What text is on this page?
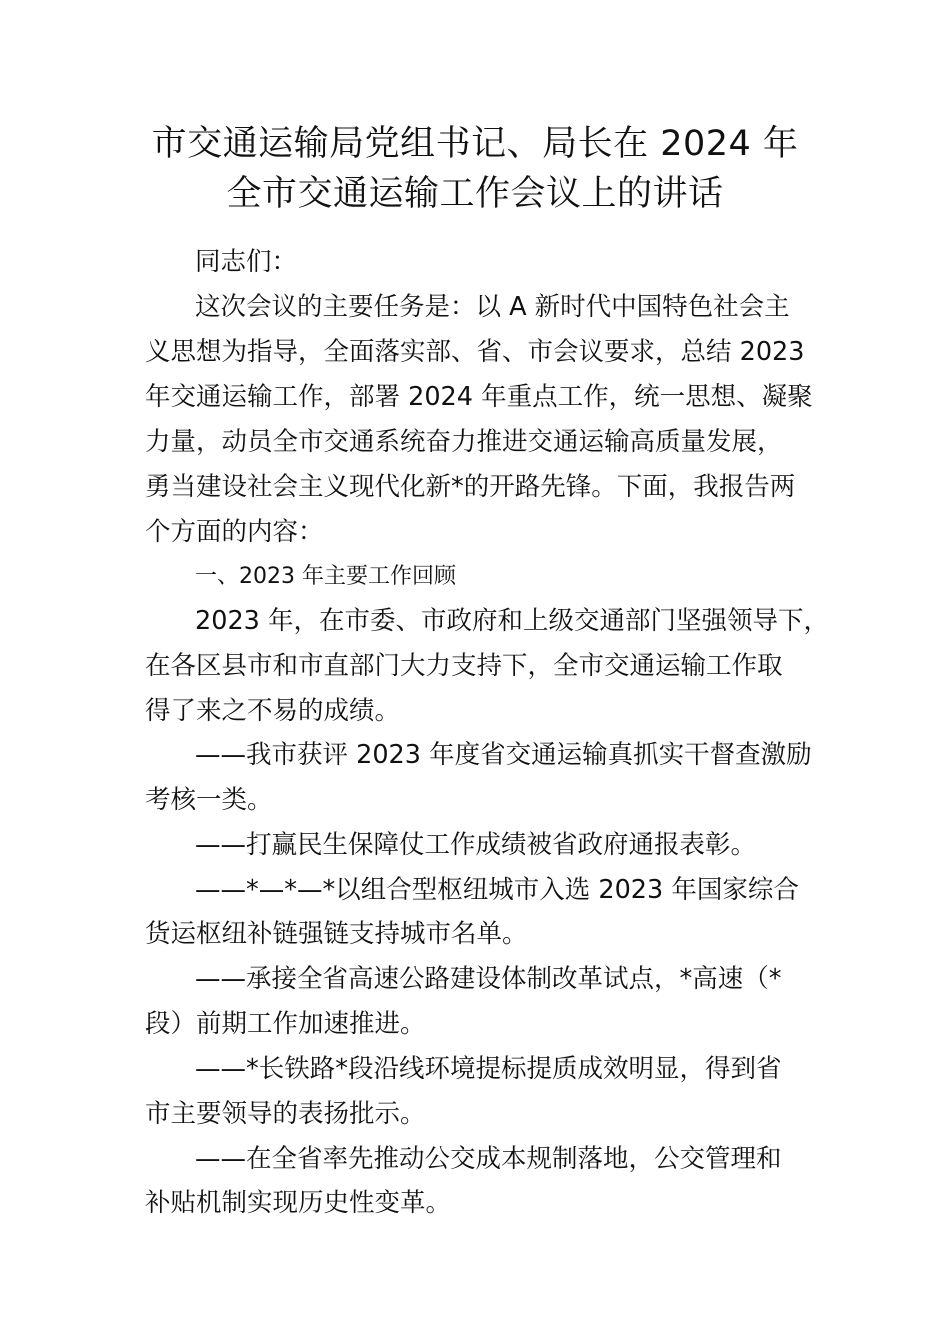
市交通运输局党组书记、局长在 2024 年
全市交通运输工作会议上的讲话
同志们：
这次会议的主要任务是：以 A 新时代中国特色社会主
义思想为指导，全面落实部、省、市会议要求，总结 2023
年交通运输工作，部署 2024 年重点工作，统一思想、凝聚
力量，动员全市交通系统奋力推进交通运输高质量发展，
勇当建设社会主义现代化新*的开路先锋。下面，我报告两
个方面的内容：
一、2023 年主要工作回顾
2023 年，在市委、市政府和上级交通部门坚强领导下，
在各区县市和市直部门大力支持下，全市交通运输工作取
得了来之不易的成绩。
——我市获评 2023 年度省交通运输真抓实干督查激励
考核一类。
——打赢民生保障仗工作成绩被省政府通报表彰。
——*—*—*以组合型枢纽城市入选 2023 年国家综合
货运枢纽补链强链支持城市名单。
——承接全省高速公路建设体制改革试点，*高速（*
段）前期工作加速推进。
——*长铁路*段沿线环境提标提质成效明显，得到省
市主要领导的表扬批示。
——在全省率先推动公交成本规制落地，公交管理和
补贴机制实现历史性变革。
